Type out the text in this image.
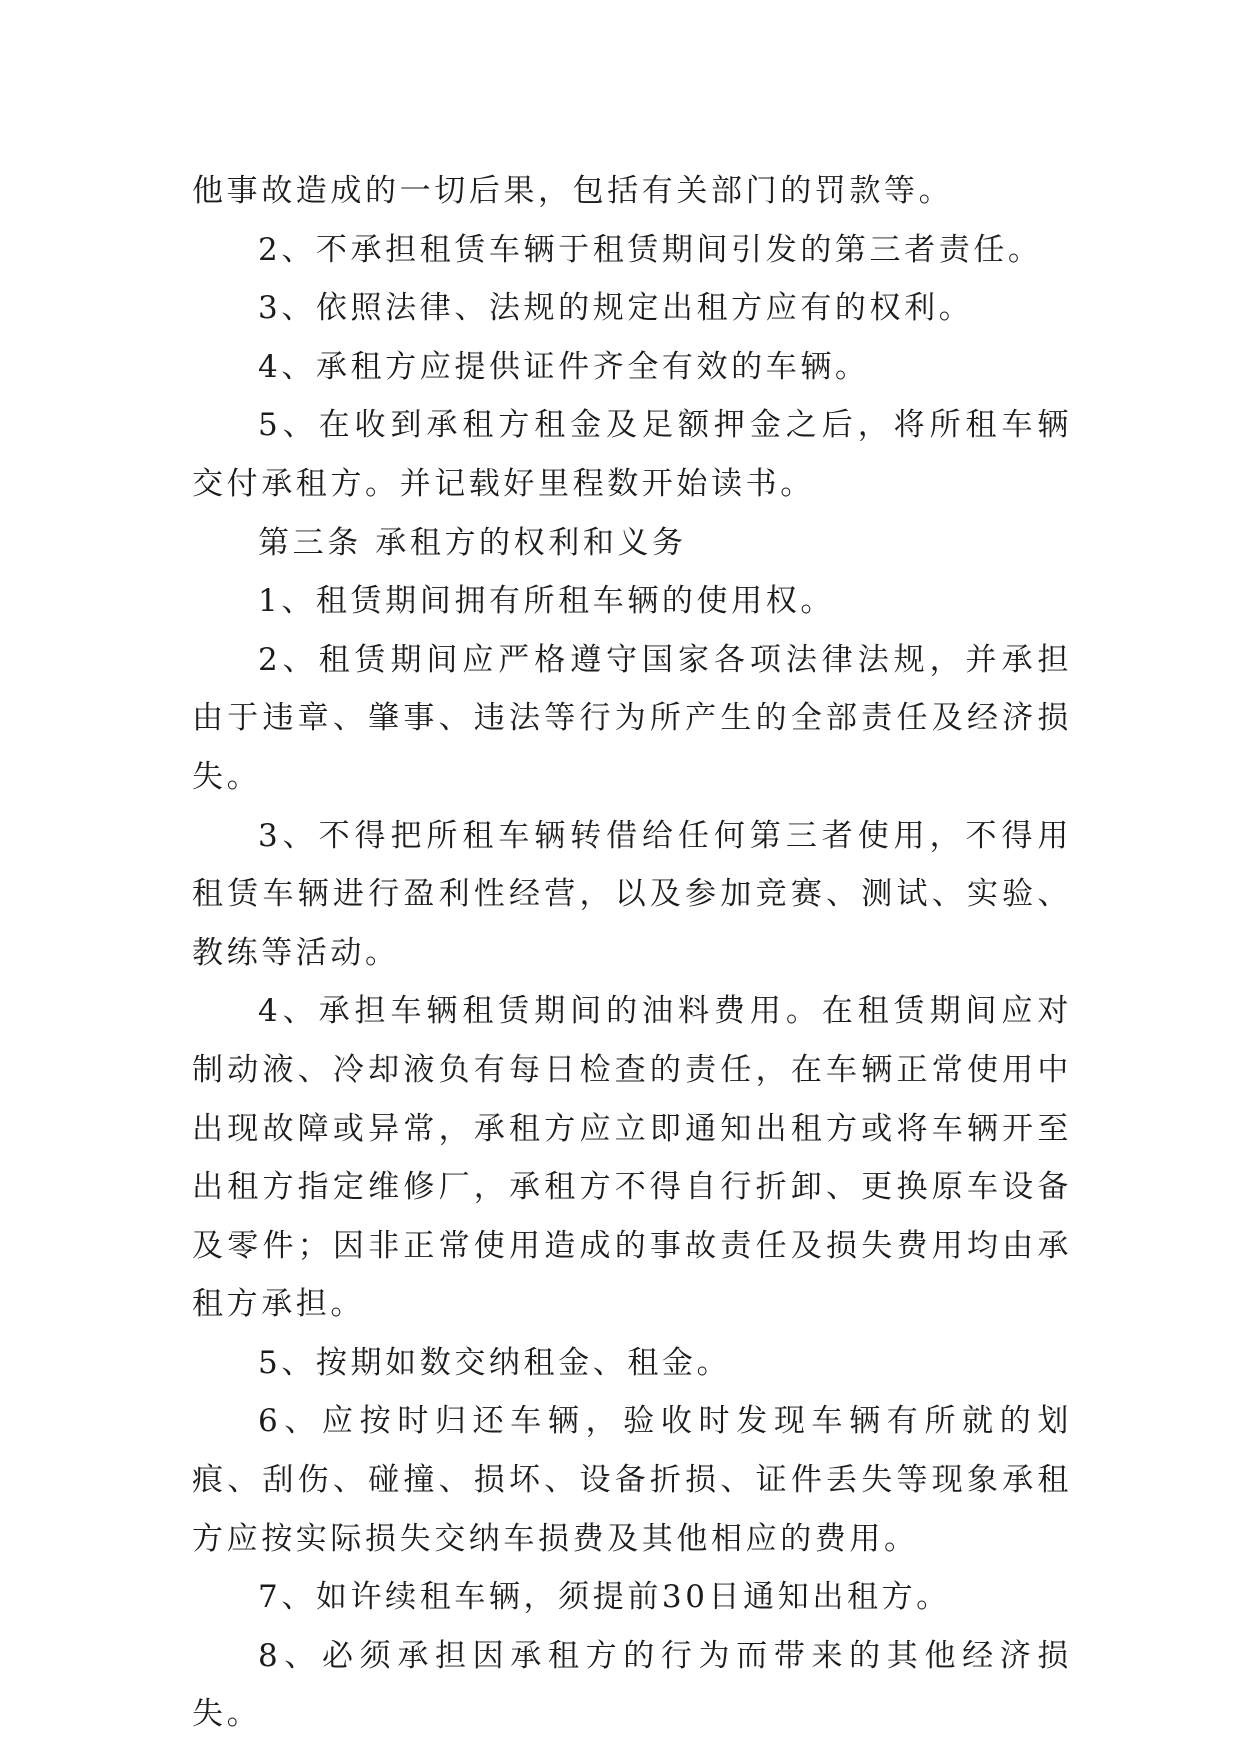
他事故造成的一切后果，包括有关部门的罚款等。

2、不承担租赁车辆于租赁期间引发的第三者责任。

3、依照法律、法规的规定出租方应有的权利。

4、承租方应提供证件齐全有效的车辆。

5、在收到承租方租金及足额押金之后，将所租车辆交付承租方。并记载好里程数开始读书。

第三条 承租方的权利和义务

1、租赁期间拥有所租车辆的使用权。

2、租赁期间应严格遵守国家各项法律法规，并承担由于违章、肇事、违法等行为所产生的全部责任及经济损失。

3、不得把所租车辆转借给任何第三者使用，不得用租赁车辆进行盈利性经营，以及参加竞赛、测试、实验、教练等活动。

4、承担车辆租赁期间的油料费用。在租赁期间应对制动液、冷却液负有每日检查的责任，在车辆正常使用中出现故障或异常，承租方应立即通知出租方或将车辆开至出租方指定维修厂，承租方不得自行折卸、更换原车设备及零件；因非正常使用造成的事故责任及损失费用均由承租方承担。

5、按期如数交纳租金、租金。

6、应按时归还车辆，验收时发现车辆有所就的划痕、刮伤、碰撞、损坏、设备折损、证件丢失等现象承租方应按实际损失交纳车损费及其他相应的费用。

7、如许续租车辆，须提前30日通知出租方。

8、必须承担因承租方的行为而带来的其他经济损失。
